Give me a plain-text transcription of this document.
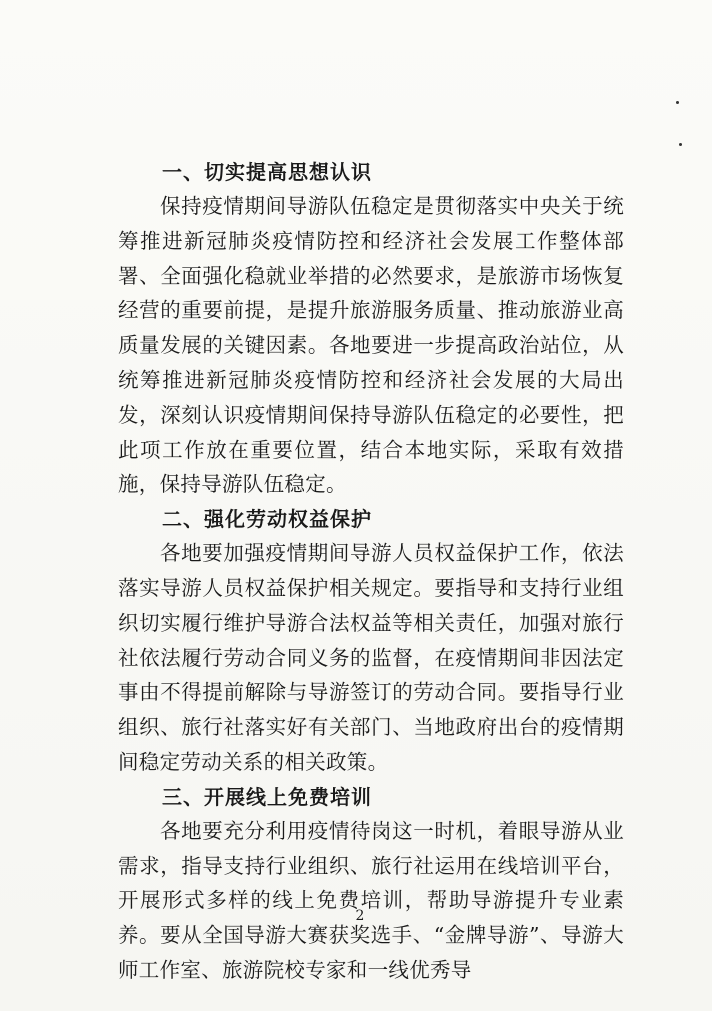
一、切实提高思想认识

保持疫情期间导游队伍稳定是贯彻落实中央关于统筹推进新冠肺炎疫情防控和经济社会发展工作整体部署、全面强化稳就业举措的必然要求，是旅游市场恢复经营的重要前提，是提升旅游服务质量、推动旅游业高质量发展的关键因素。各地要进一步提高政治站位，从统筹推进新冠肺炎疫情防控和经济社会发展的大局出发，深刻认识疫情期间保持导游队伍稳定的必要性，把此项工作放在重要位置，结合本地实际，采取有效措施，保持导游队伍稳定。

二、强化劳动权益保护

各地要加强疫情期间导游人员权益保护工作，依法落实导游人员权益保护相关规定。要指导和支持行业组织切实履行维护导游合法权益等相关责任，加强对旅行社依法履行劳动合同义务的监督，在疫情期间非因法定事由不得提前解除与导游签订的劳动合同。要指导行业组织、旅行社落实好有关部门、当地政府出台的疫情期间稳定劳动关系的相关政策。

三、开展线上免费培训

各地要充分利用疫情待岗这一时机，着眼导游从业需求，指导支持行业组织、旅行社运用在线培训平台，开展形式多样的线上免费培训，帮助导游提升专业素养。要从全国导游大赛获奖选手、“金牌导游”、导游大师工作室、旅游院校专家和一线优秀导

2
